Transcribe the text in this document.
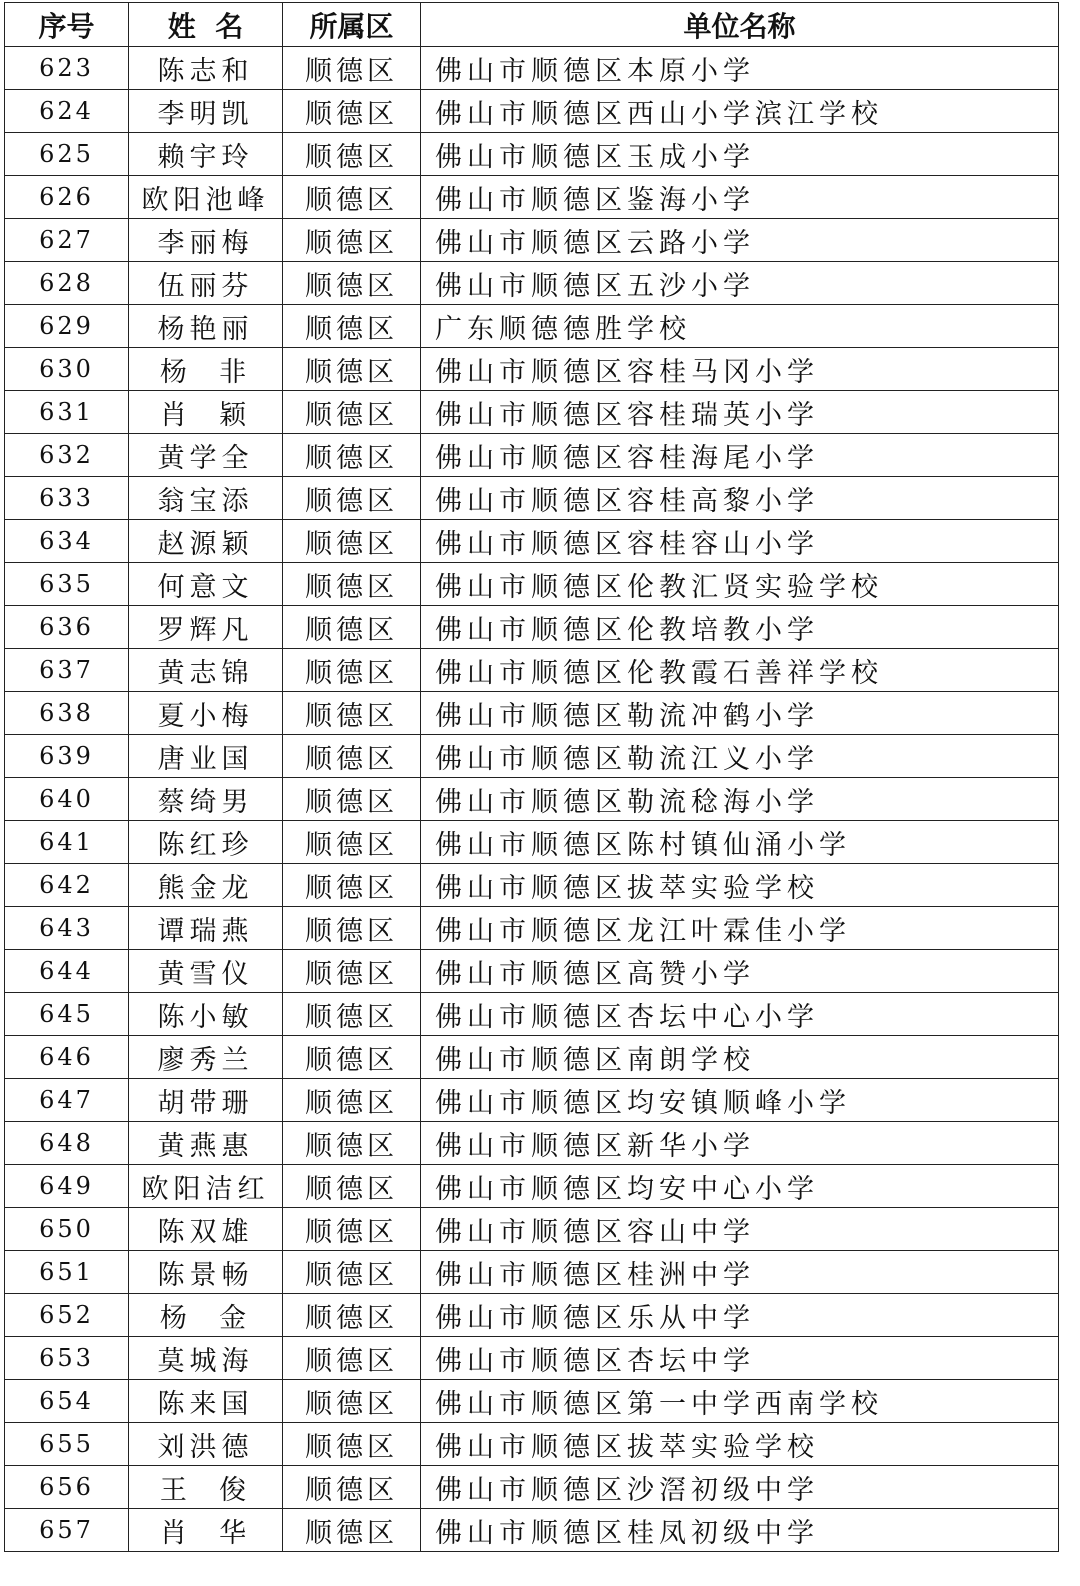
序号	姓  名	所属区	单位名称
623	陈志和	顺德区	佛山市顺德区本原小学
624	李明凯	顺德区	佛山市顺德区西山小学滨江学校
625	赖宇玲	顺德区	佛山市顺德区玉成小学
626	欧阳池峰	顺德区	佛山市顺德区鉴海小学
627	李丽梅	顺德区	佛山市顺德区云路小学
628	伍丽芬	顺德区	佛山市顺德区五沙小学
629	杨艳丽	顺德区	广东顺德德胜学校
630	杨  非	顺德区	佛山市顺德区容桂马冈小学
631	肖  颖	顺德区	佛山市顺德区容桂瑞英小学
632	黄学全	顺德区	佛山市顺德区容桂海尾小学
633	翁宝添	顺德区	佛山市顺德区容桂高黎小学
634	赵源颖	顺德区	佛山市顺德区容桂容山小学
635	何意文	顺德区	佛山市顺德区伦教汇贤实验学校
636	罗辉凡	顺德区	佛山市顺德区伦教培教小学
637	黄志锦	顺德区	佛山市顺德区伦教霞石善祥学校
638	夏小梅	顺德区	佛山市顺德区勒流冲鹤小学
639	唐业国	顺德区	佛山市顺德区勒流江义小学
640	蔡绮男	顺德区	佛山市顺德区勒流稔海小学
641	陈红珍	顺德区	佛山市顺德区陈村镇仙涌小学
642	熊金龙	顺德区	佛山市顺德区拔萃实验学校
643	谭瑞燕	顺德区	佛山市顺德区龙江叶霖佳小学
644	黄雪仪	顺德区	佛山市顺德区高赞小学
645	陈小敏	顺德区	佛山市顺德区杏坛中心小学
646	廖秀兰	顺德区	佛山市顺德区南朗学校
647	胡带珊	顺德区	佛山市顺德区均安镇顺峰小学
648	黄燕惠	顺德区	佛山市顺德区新华小学
649	欧阳洁红	顺德区	佛山市顺德区均安中心小学
650	陈双雄	顺德区	佛山市顺德区容山中学
651	陈景畅	顺德区	佛山市顺德区桂洲中学
652	杨  金	顺德区	佛山市顺德区乐从中学
653	莫城海	顺德区	佛山市顺德区杏坛中学
654	陈来国	顺德区	佛山市顺德区第一中学西南学校
655	刘洪德	顺德区	佛山市顺德区拔萃实验学校
656	王  俊	顺德区	佛山市顺德区沙滘初级中学
657	肖  华	顺德区	佛山市顺德区桂凤初级中学
